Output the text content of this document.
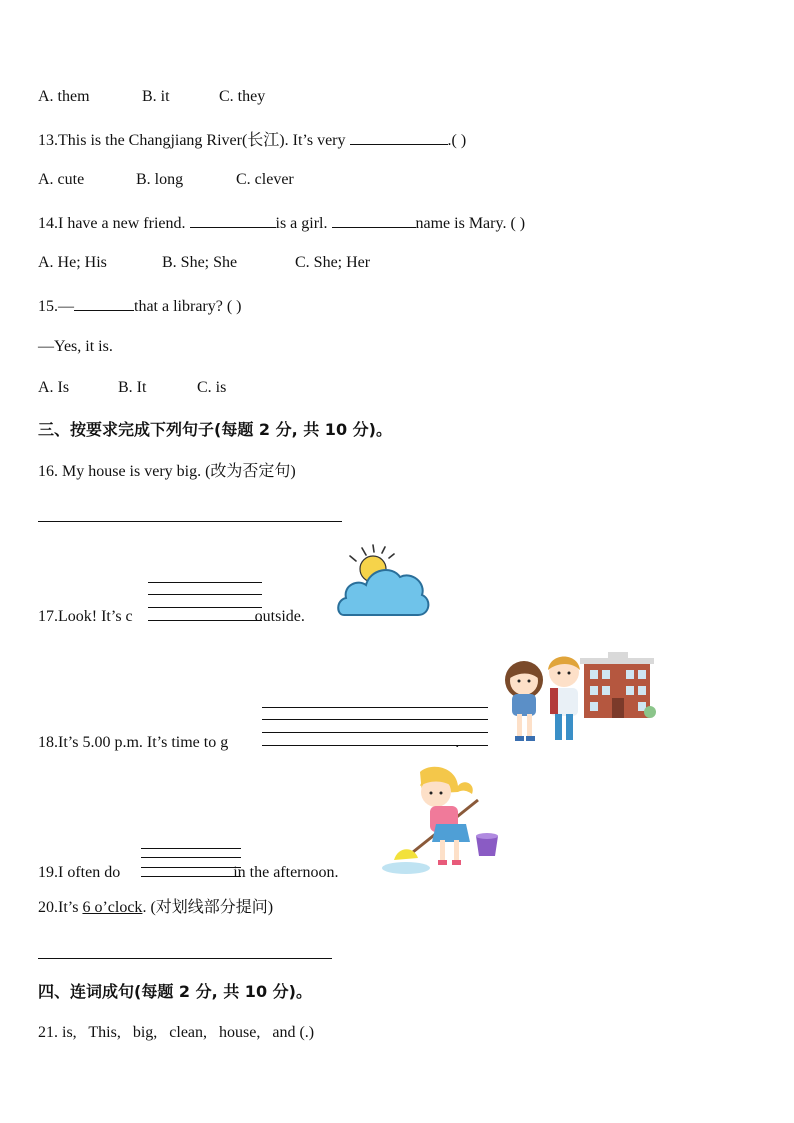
A. them	B. it	C. they
13.This is the Changjiang River(长江). It’s very	.( )
A. cute	B. long	C. clever
14.I have a new friend.	is a girl.	name is Mary. ( )
A. He; His	B. She; She	C. She; Her
15.—	that a library? ( )
—Yes, it is.
A. Is	B. It	C. is
三、按要求完成下列句子(每题 2 分, 共 10 分)。
16. My house is very big. (改为否定句)
17.Look! It’s c	outside.
18.It’s 5.00 p.m. It’s time to g	.
19.I often do	in the afternoon.
20.It’s 6 o’clock. (对划线部分提问)
四、连词成句(每题 2 分, 共 10 分)。
21. is,   This,   big,   clean,   house,   and (.)
